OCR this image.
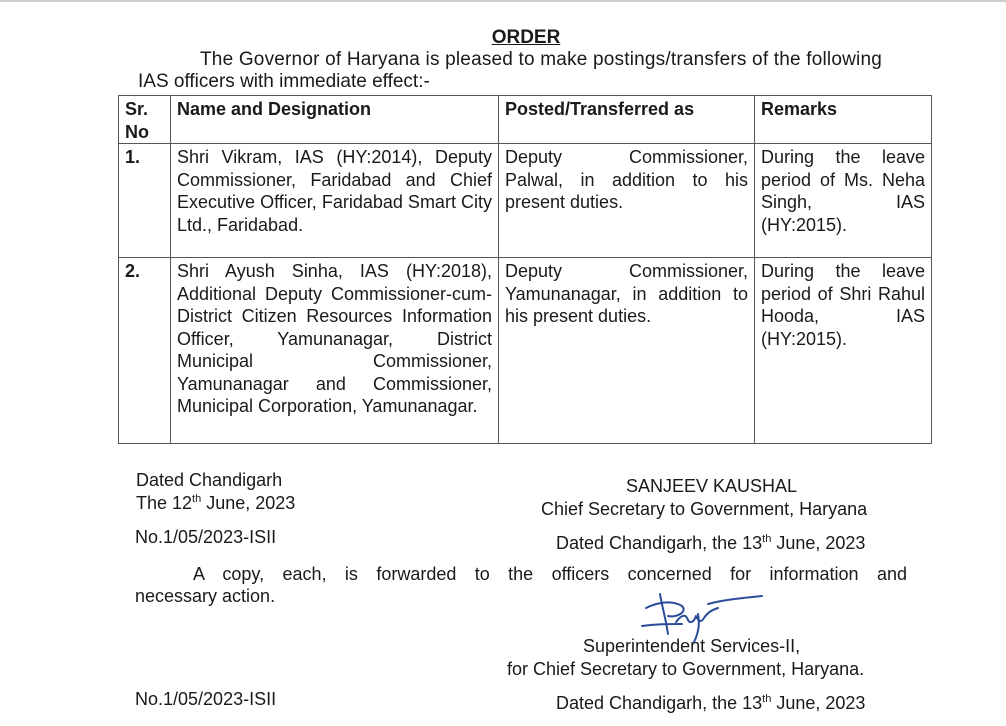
ORDER
The Governor of Haryana is pleased to make postings/transfers of the following
IAS officers with immediate effect:-
Sr. No	Name and Designation	Posted/Transferred as	Remarks
1.	Shri Vikram, IAS (HY:2014), Deputy Commissioner, Faridabad and Chief Executive Officer, Faridabad Smart City Ltd., Faridabad.	Deputy Commissioner, Palwal, in addition to his present duties.	During the leave period of Ms. Neha Singh, IAS (HY:2015).
2.	Shri Ayush Sinha, IAS (HY:2018), Additional Deputy Commissioner-cum-District Citizen Resources Information Officer, Yamunanagar, District Municipal Commissioner, Yamunanagar and Commissioner, Municipal Corporation, Yamunanagar.	Deputy Commissioner, Yamunanagar, in addition to his present duties.	During the leave period of Shri Rahul Hooda, IAS (HY:2015).
Dated Chandigarh
The 12th June, 2023
SANJEEV KAUSHAL
Chief Secretary to Government, Haryana
No.1/05/2023-ISII	Dated Chandigarh, the 13th June, 2023
A copy, each, is forwarded to the officers concerned for information and
necessary action.
Superintendent Services-II,
for Chief Secretary to Government, Haryana.
No.1/05/2023-ISII	Dated Chandigarh, the 13th June, 2023
